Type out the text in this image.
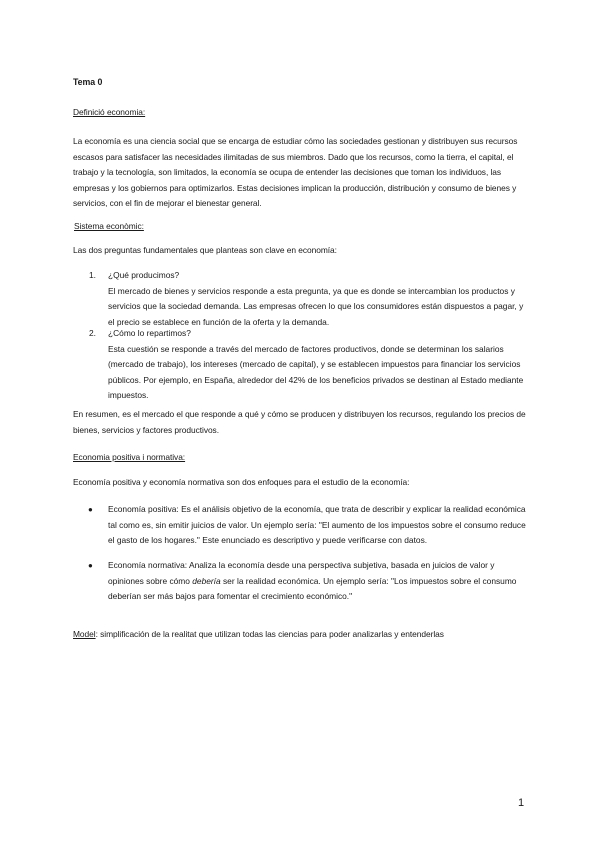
Tema 0

Definició economia:

La economía es una ciencia social que se encarga de estudiar cómo las sociedades gestionan y distribuyen sus recursos escasos para satisfacer las necesidades ilimitadas de sus miembros. Dado que los recursos, como la tierra, el capital, el trabajo y la tecnología, son limitados, la economía se ocupa de entender las decisiones que toman los individuos, las empresas y los gobiernos para optimizarlos. Estas decisiones implican la producción, distribución y consumo de bienes y servicios, con el fin de mejorar el bienestar general.

Sistema econòmic:

Las dos preguntas fundamentales que planteas son clave en economía:

1.	¿Qué producimos?
El mercado de bienes y servicios responde a esta pregunta, ya que es donde se intercambian los productos y servicios que la sociedad demanda. Las empresas ofrecen lo que los consumidores están dispuestos a pagar, y el precio se establece en función de la oferta y la demanda.
2.	¿Cómo lo repartimos?
Esta cuestión se responde a través del mercado de factores productivos, donde se determinan los salarios (mercado de trabajo), los intereses (mercado de capital), y se establecen impuestos para financiar los servicios públicos. Por ejemplo, en España, alrededor del 42% de los beneficios privados se destinan al Estado mediante impuestos.

En resumen, es el mercado el que responde a qué y cómo se producen y distribuyen los recursos, regulando los precios de bienes, servicios y factores productivos.

Economia positiva i normativa:

Economía positiva y economía normativa son dos enfoques para el estudio de la economía:

●	Economía positiva: Es el análisis objetivo de la economía, que trata de describir y explicar la realidad económica tal como es, sin emitir juicios de valor. Un ejemplo sería: "El aumento de los impuestos sobre el consumo reduce el gasto de los hogares." Este enunciado es descriptivo y puede verificarse con datos.
●	Economía normativa: Analiza la economía desde una perspectiva subjetiva, basada en juicios de valor y opiniones sobre cómo debería ser la realidad económica. Un ejemplo sería: "Los impuestos sobre el consumo deberían ser más bajos para fomentar el crecimiento económico."

Model: simplificación de la realitat que utilizan todas las ciencias para poder analizarlas y entenderlas

1
